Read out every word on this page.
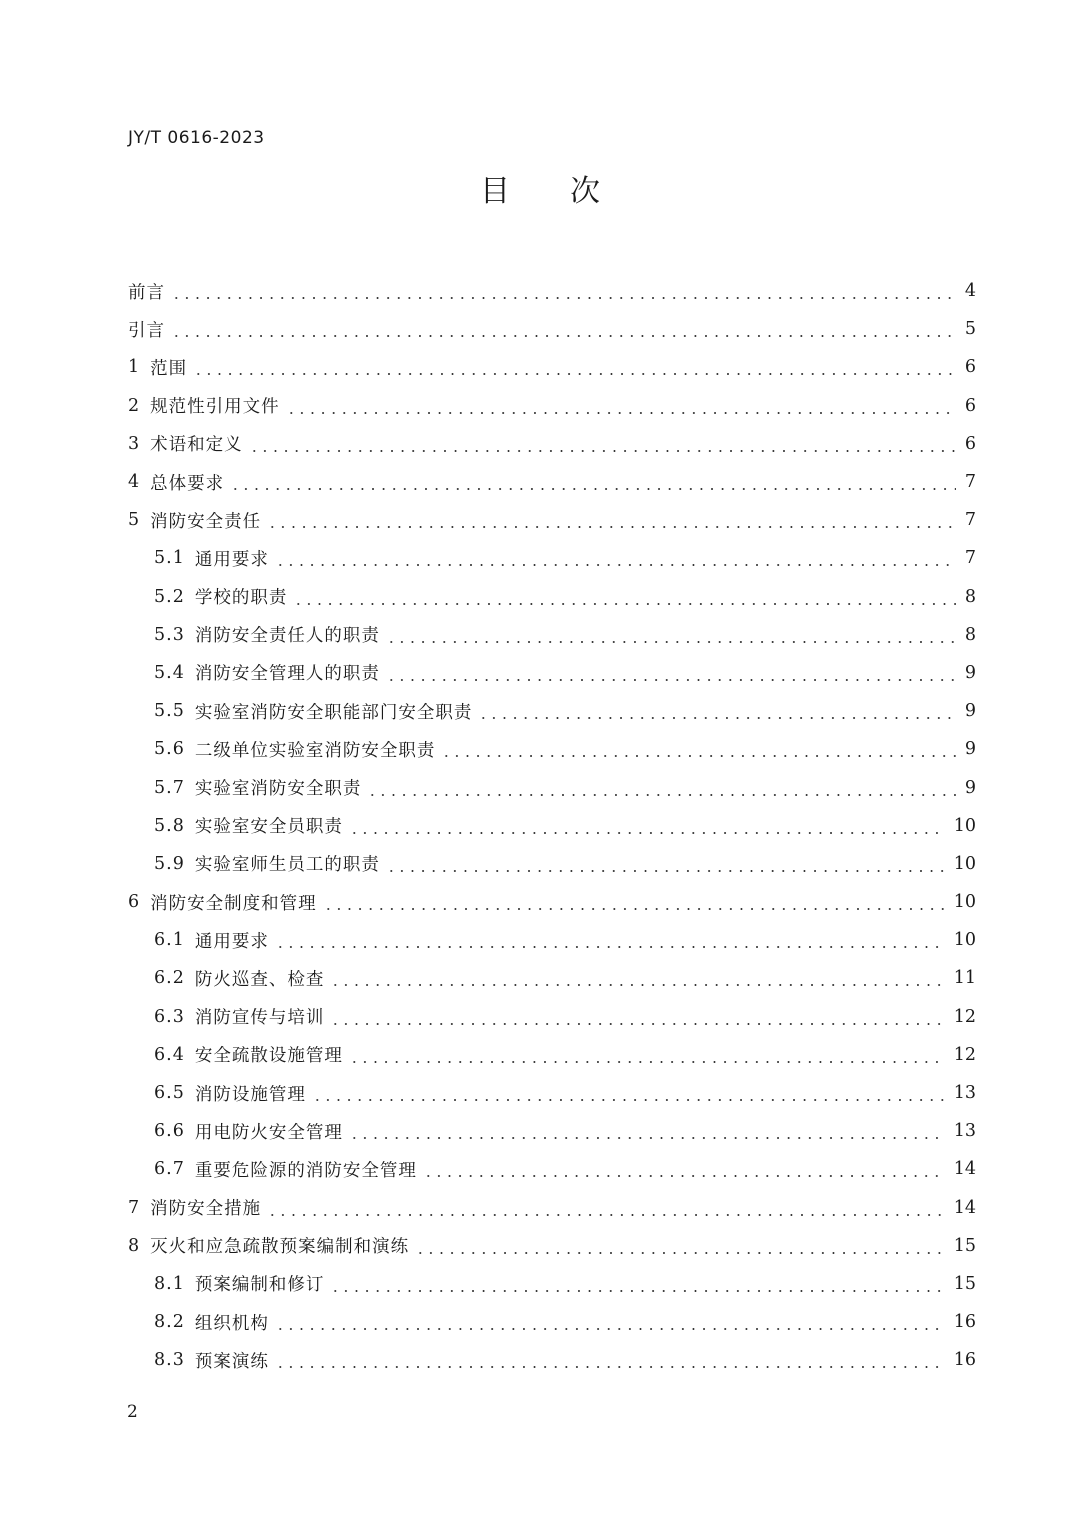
JY/T 0616-2023
目 次
前言	4
引言	5
1 范围	6
2 规范性引用文件	6
3 术语和定义	6
4 总体要求	7
5 消防安全责任	7
5.1 通用要求	7
5.2 学校的职责	8
5.3 消防安全责任人的职责	8
5.4 消防安全管理人的职责	9
5.5 实验室消防安全职能部门安全职责	9
5.6 二级单位实验室消防安全职责	9
5.7 实验室消防安全职责	9
5.8 实验室安全员职责	10
5.9 实验室师生员工的职责	10
6 消防安全制度和管理	10
6.1 通用要求	10
6.2 防火巡查、检查	11
6.3 消防宣传与培训	12
6.4 安全疏散设施管理	12
6.5 消防设施管理	13
6.6 用电防火安全管理	13
6.7 重要危险源的消防安全管理	14
7 消防安全措施	14
8 灭火和应急疏散预案编制和演练	15
8.1 预案编制和修订	15
8.2 组织机构	16
8.3 预案演练	16
2
